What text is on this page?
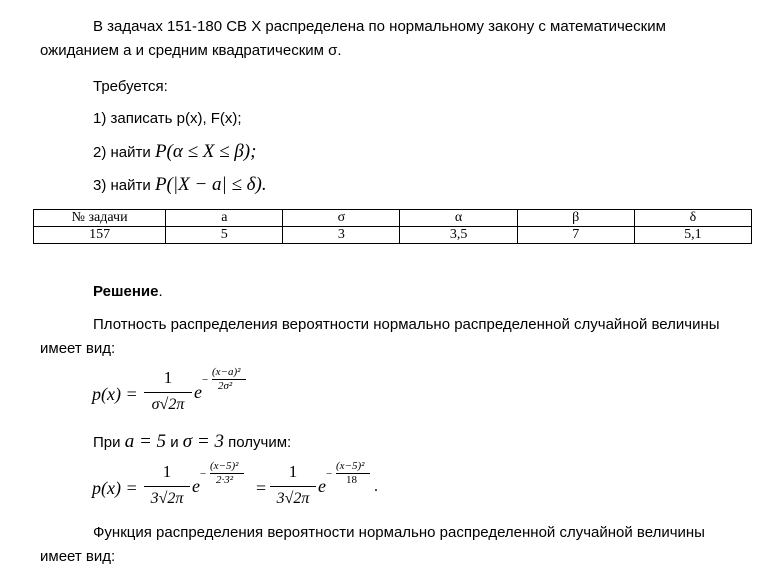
В задачах 151-180 СВ X распределена по нормальному закону с математическим
ожиданием a и средним квадратическим σ.
Требуется:
1) записать p(x), F(x);
2) найти P(α ≤ X ≤ β);
3) найти P(|X − a| ≤ δ).
№ задачи	a	σ	α	β	δ
157	5	3	3,5	7	5,1
Решение.
Плотность распределения вероятности нормально распределенной случайной величины
имеет вид:
p(x) =
1
σ√2π
e
−
(x−a)²
2σ²
При a = 5 и σ = 3 получим:
p(x) =
1
3√2π
e
−
(x−5)²
2·3² =
1
3√2π
e
−
(x−5)²
18 .
Функция распределения вероятности нормально распределенной случайной величины
имеет вид:
